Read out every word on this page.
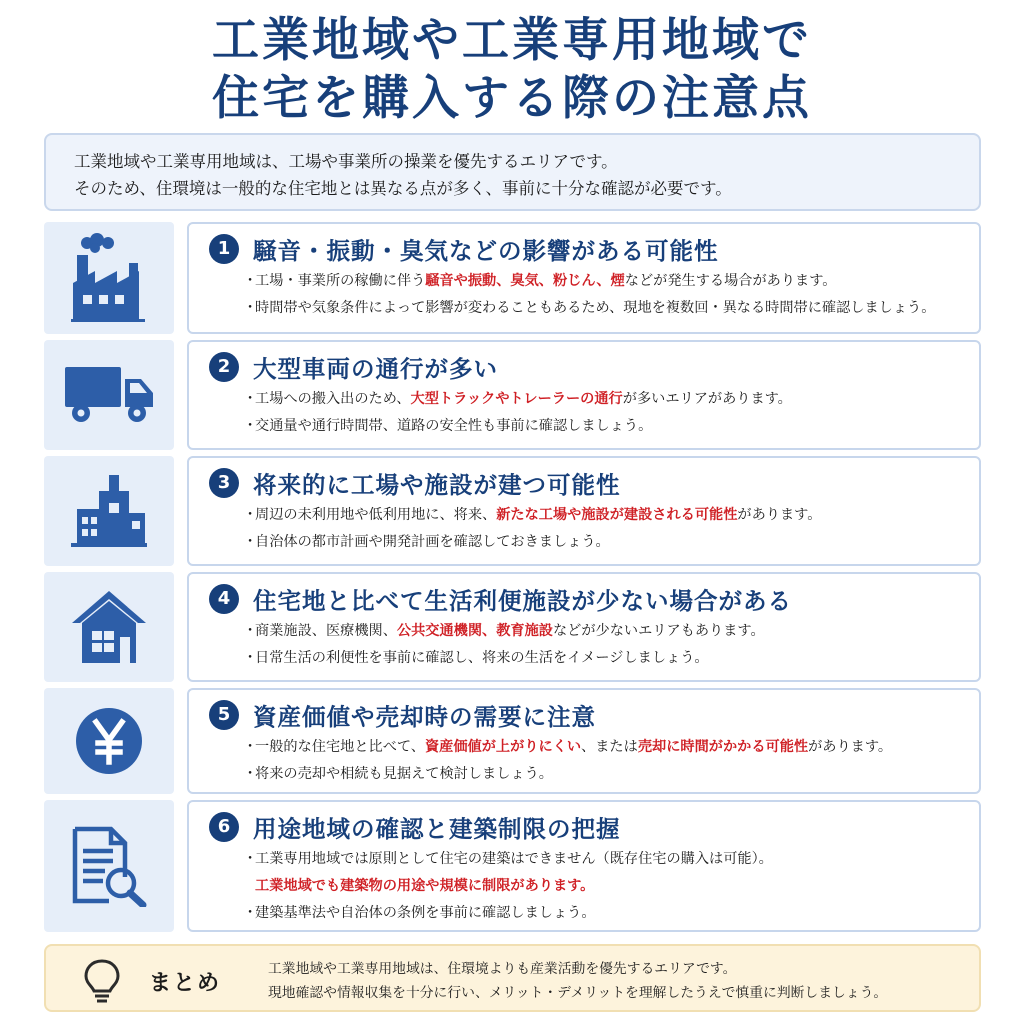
工業地域や工業専用地域で
住宅を購入する際の注意点
工業地域や工業専用地域は、工場や事業所の操業を優先するエリアです。
そのため、住環境は一般的な住宅地とは異なる点が多く、事前に十分な確認が必要です。
1 騒音・振動・臭気などの影響がある可能性
・工場・事業所の稼働に伴う騒音や振動、臭気、粉じん、煙などが発生する場合があります。
・時間帯や気象条件によって影響が変わることもあるため、現地を複数回・異なる時間帯に確認しましょう。
2 大型車両の通行が多い
・工場への搬入出のため、大型トラックやトレーラーの通行が多いエリアがあります。
・交通量や通行時間帯、道路の安全性も事前に確認しましょう。
3 将来的に工場や施設が建つ可能性
・周辺の未利用地や低利用地に、将来、新たな工場や施設が建設される可能性があります。
・自治体の都市計画や開発計画を確認しておきましょう。
4 住宅地と比べて生活利便施設が少ない場合がある
・商業施設、医療機関、公共交通機関、教育施設などが少ないエリアもあります。
・日常生活の利便性を事前に確認し、将来の生活をイメージしましょう。
5 資産価値や売却時の需要に注意
・一般的な住宅地と比べて、資産価値が上がりにくい、または売却に時間がかかる可能性があります。
・将来の売却や相続も見据えて検討しましょう。
6 用途地域の確認と建築制限の把握
・工業専用地域では原則として住宅の建築はできません（既存住宅の購入は可能）。
工業地域でも建築物の用途や規模に制限があります。
・建築基準法や自治体の条例を事前に確認しましょう。
まとめ
工業地域や工業専用地域は、住環境よりも産業活動を優先するエリアです。
現地確認や情報収集を十分に行い、メリット・デメリットを理解したうえで慎重に判断しましょう。
